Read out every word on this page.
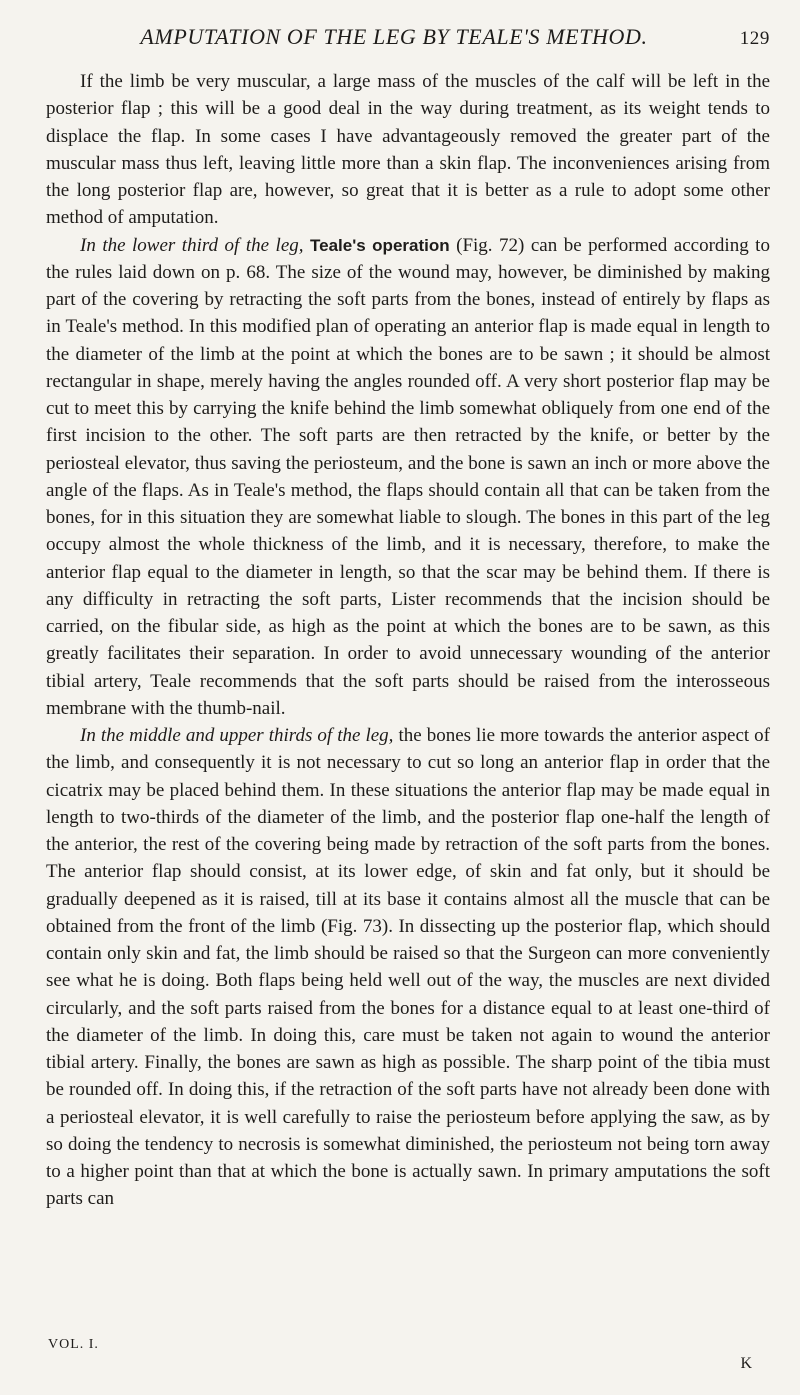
AMPUTATION OF THE LEG BY TEALE'S METHOD.	129

If the limb be very muscular, a large mass of the muscles of the calf will be left in the posterior flap ; this will be a good deal in the way during treatment, as its weight tends to displace the flap. In some cases I have advantageously removed the greater part of the muscular mass thus left, leaving little more than a skin flap. The inconveniences arising from the long posterior flap are, however, so great that it is better as a rule to adopt some other method of amputation.

In the lower third of the leg, Teale's operation (Fig. 72) can be performed according to the rules laid down on p. 68. The size of the wound may, however, be diminished by making part of the covering by retracting the soft parts from the bones, instead of entirely by flaps as in Teale's method. In this modified plan of operating an anterior flap is made equal in length to the diameter of the limb at the point at which the bones are to be sawn ; it should be almost rectangular in shape, merely having the angles rounded off. A very short posterior flap may be cut to meet this by carrying the knife behind the limb somewhat obliquely from one end of the first incision to the other. The soft parts are then retracted by the knife, or better by the periosteal elevator, thus saving the periosteum, and the bone is sawn an inch or more above the angle of the flaps. As in Teale's method, the flaps should contain all that can be taken from the bones, for in this situation they are somewhat liable to slough. The bones in this part of the leg occupy almost the whole thickness of the limb, and it is necessary, therefore, to make the anterior flap equal to the diameter in length, so that the scar may be behind them. If there is any difficulty in retracting the soft parts, Lister recommends that the incision should be carried, on the fibular side, as high as the point at which the bones are to be sawn, as this greatly facilitates their separation. In order to avoid unnecessary wounding of the anterior tibial artery, Teale recommends that the soft parts should be raised from the interosseous membrane with the thumb-nail.

In the middle and upper thirds of the leg, the bones lie more towards the anterior aspect of the limb, and consequently it is not necessary to cut so long an anterior flap in order that the cicatrix may be placed behind them. In these situations the anterior flap may be made equal in length to two-thirds of the diameter of the limb, and the posterior flap one-half the length of the anterior, the rest of the covering being made by retraction of the soft parts from the bones. The anterior flap should consist, at its lower edge, of skin and fat only, but it should be gradually deepened as it is raised, till at its base it contains almost all the muscle that can be obtained from the front of the limb (Fig. 73). In dissecting up the posterior flap, which should contain only skin and fat, the limb should be raised so that the Surgeon can more conveniently see what he is doing. Both flaps being held well out of the way, the muscles are next divided circularly, and the soft parts raised from the bones for a distance equal to at least one-third of the diameter of the limb. In doing this, care must be taken not again to wound the anterior tibial artery. Finally, the bones are sawn as high as possible. The sharp point of the tibia must be rounded off. In doing this, if the retraction of the soft parts have not already been done with a periosteal elevator, it is well carefully to raise the periosteum before applying the saw, as by so doing the tendency to necrosis is somewhat diminished, the periosteum not being torn away to a higher point than that at which the bone is actually sawn. In primary amputations the soft parts can

VOL. I.
K
